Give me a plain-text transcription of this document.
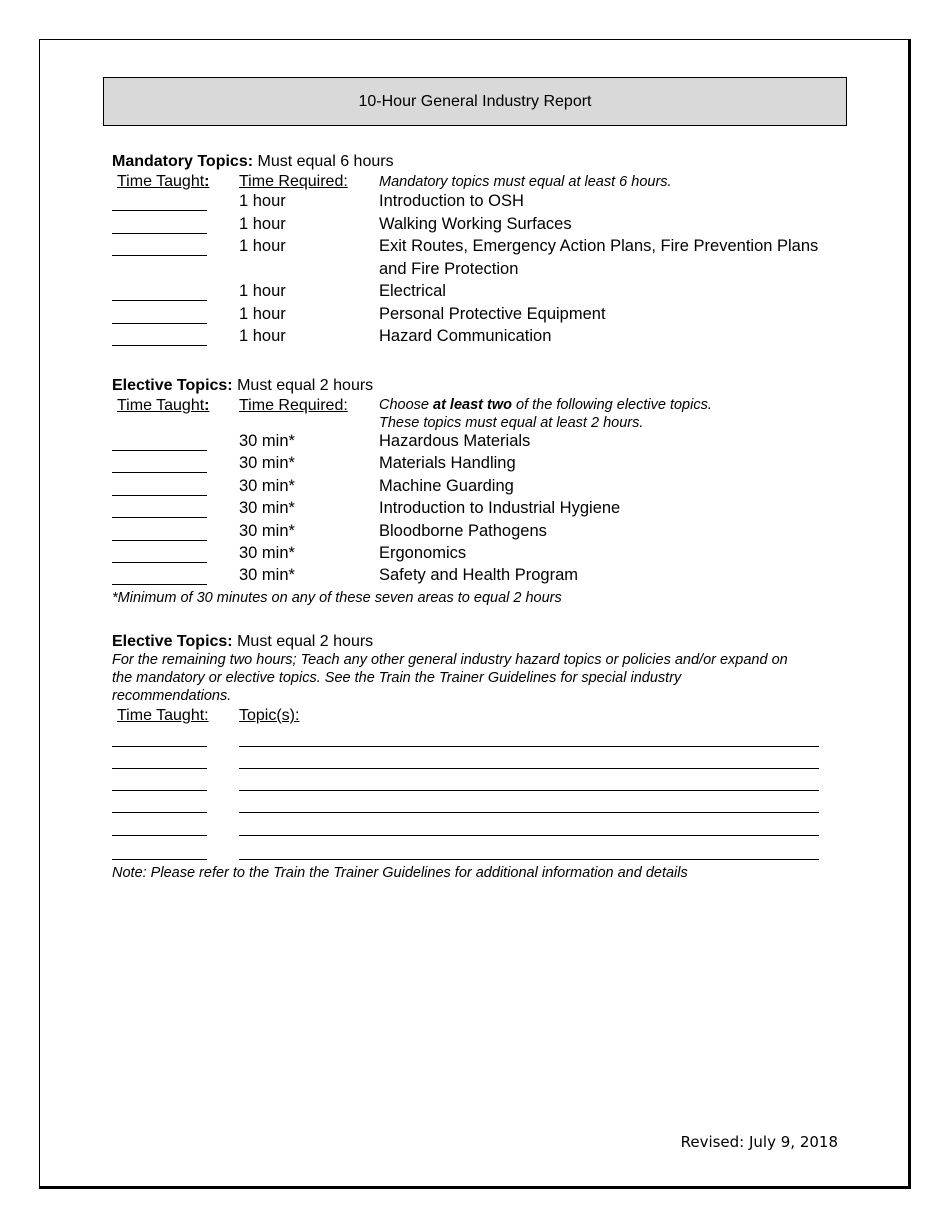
10-Hour General Industry Report
Mandatory Topics: Must equal 6 hours
Time Taught: Time Required: Mandatory topics must equal at least 6 hours.
1 hour	Introduction to OSH
1 hour	Walking Working Surfaces
1 hour	Exit Routes, Emergency Action Plans, Fire Prevention Plans
and Fire Protection
1 hour	Electrical
1 hour	Personal Protective Equipment
1 hour	Hazard Communication
Elective Topics: Must equal 2 hours
Time Taught: Time Required: Choose at least two of the following elective topics.
These topics must equal at least 2 hours.
30 min*	Hazardous Materials
30 min*	Materials Handling
30 min*	Machine Guarding
30 min*	Introduction to Industrial Hygiene
30 min*	Bloodborne Pathogens
30 min*	Ergonomics
30 min*	Safety and Health Program
*Minimum of 30 minutes on any of these seven areas to equal 2 hours
Elective Topics: Must equal 2 hours
For the remaining two hours; Teach any other general industry hazard topics or policies and/or expand on
the mandatory or elective topics. See the Train the Trainer Guidelines for special industry
recommendations.
Time Taught: Topic(s):
Note: Please refer to the Train the Trainer Guidelines for additional information and details
Revised: July 9, 2018
